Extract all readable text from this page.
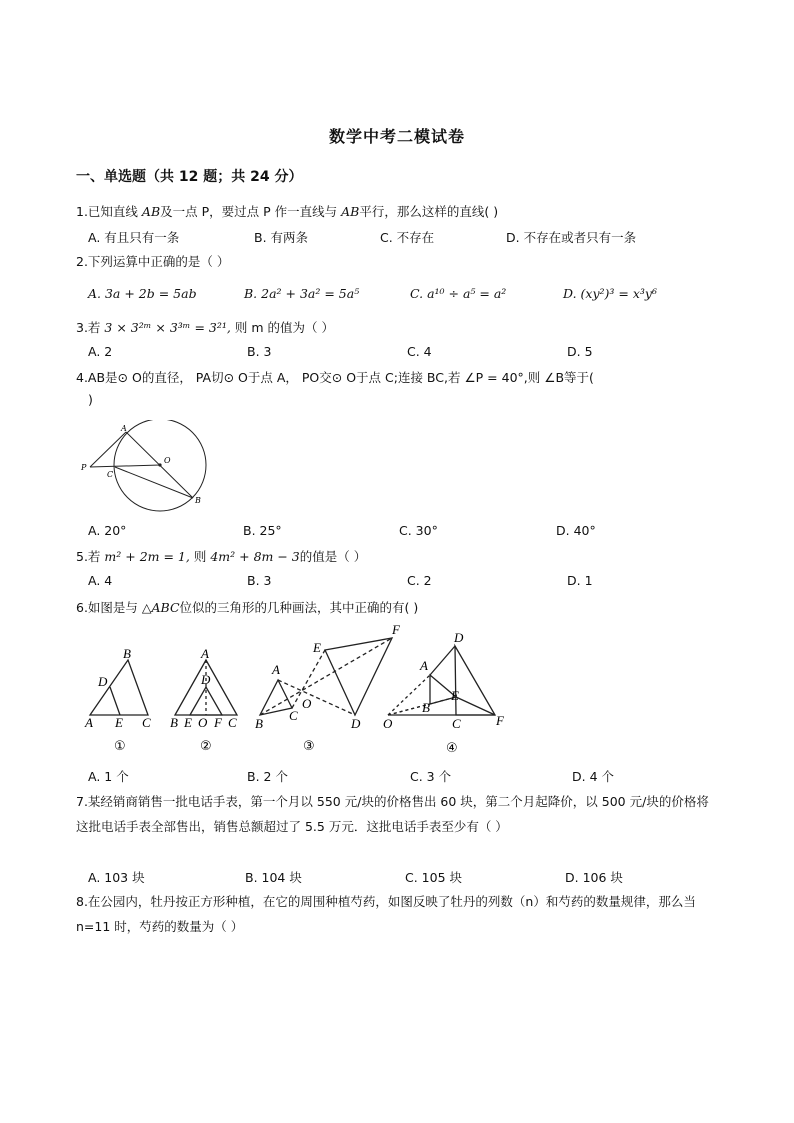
数学中考二模试卷
一、单选题（共 12 题；共 24 分）
1.已知直线 AB及一点 P，要过点 P 作一直线与 AB平行，那么这样的直线( )
A. 有且只有一条	B. 有两条	C. 不存在	D. 不存在或者只有一条
2.下列运算中正确的是（ ）
A. 3a + 2b = 5ab	B. 2a² + 3a² = 5a⁵	C. a¹⁰ ÷ a⁵ = a²	D. (xy²)³ = x³y⁶
3.若 3 × 3²ᵐ × 3³ᵐ = 3²¹, 则 m 的值为（ ）
A. 2	B. 3	C. 4	D. 5
4.AB是⊙ O的直径， PA切⊙ O于点 A， PO交⊙ O于点 C;连接 BC,若 ∠P = 40°,则 ∠B等于(
)
A
P
C
O
B
A. 20°	B. 25°	C. 30°	D. 40°
5.若 m² + 2m = 1, 则 4m² + 8m − 3的值是（ ）
A. 4	B. 3	C. 2	D. 1
6.如图是与 △ABC位似的三角形的几种画法，其中正确的有( )
B
D
A E C
①
A
D
B E O F C
②
E
F
A
O
B
C
D
③
D
A
E
B
C
O	F
④
A. 1 个	B. 2 个	C. 3 个	D. 4 个
7.某经销商销售一批电话手表，第一个月以 550 元/块的价格售出 60 块，第二个月起降价，以 500 元/块的价格将这批电话手表全部售出，销售总额超过了 5.5 万元．这批电话手表至少有（ ）
A. 103 块	B. 104 块	C. 105 块	D. 106 块
8.在公园内，牡丹按正方形种植，在它的周围种植芍药，如图反映了牡丹的列数（n）和芍药的数量规律，那么当 n=11 时，芍药的数量为（ ）
